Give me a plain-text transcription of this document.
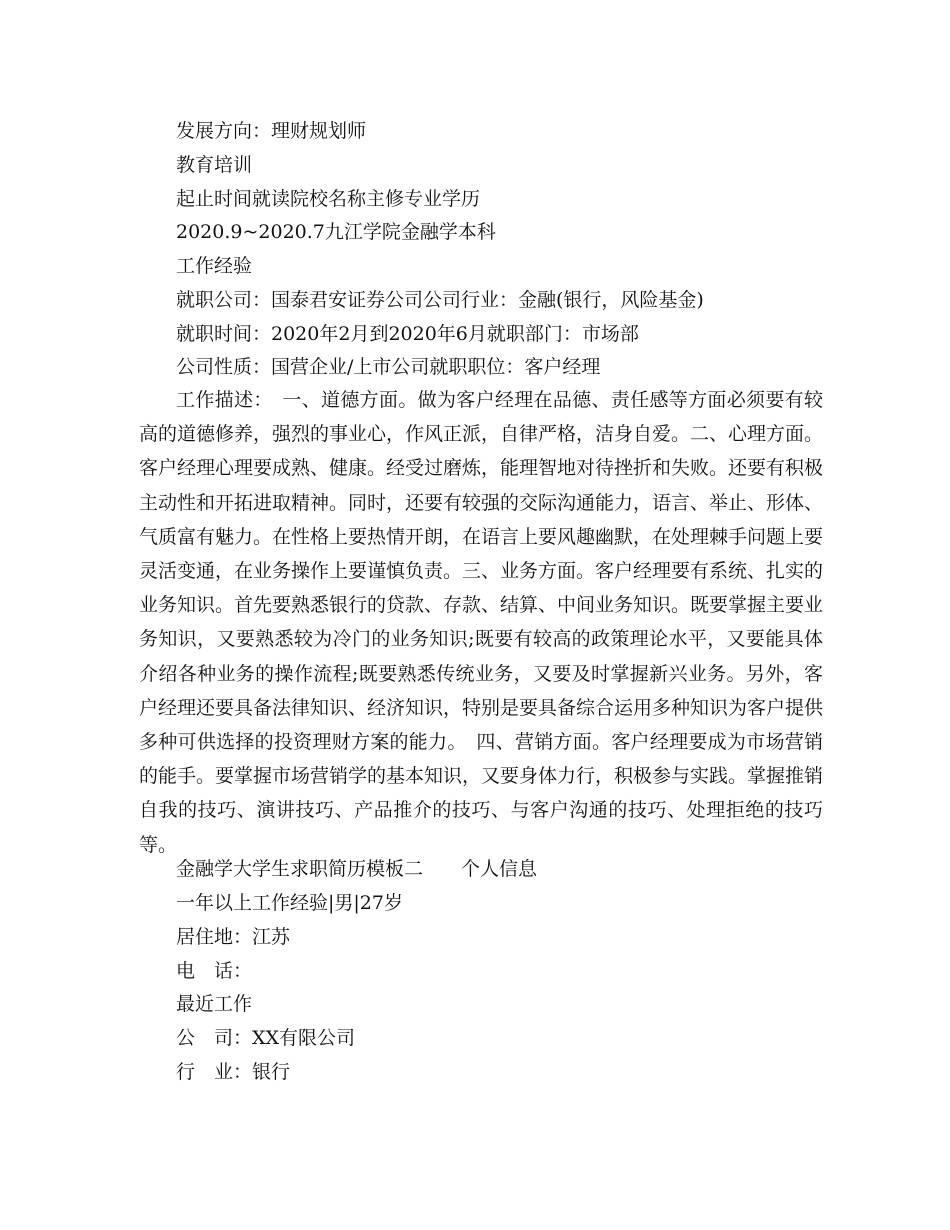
发展方向：理财规划师
教育培训
起止时间就读院校名称主修专业学历
2020.9~2020.7九江学院金融学本科
工作经验
就职公司：国泰君安证券公司公司行业：金融(银行，风险基金)
就职时间：2020年2月到2020年6月就职部门：市场部
公司性质：国营企业/上市公司就职职位：客户经理
工作描述：　一、道德方面。做为客户经理在品德、责任感等方面必须要有较高的道德修养，强烈的事业心，作风正派，自律严格，洁身自爱。二、心理方面。客户经理心理要成熟、健康。经受过磨炼，能理智地对待挫折和失败。还要有积极主动性和开拓进取精神。同时，还要有较强的交际沟通能力，语言、举止、形体、气质富有魅力。在性格上要热情开朗，在语言上要风趣幽默，在处理棘手问题上要灵活变通，在业务操作上要谨慎负责。三、业务方面。客户经理要有系统、扎实的业务知识。首先要熟悉银行的贷款、存款、结算、中间业务知识。既要掌握主要业务知识，又要熟悉较为冷门的业务知识;既要有较高的政策理论水平，又要能具体介绍各种业务的操作流程;既要熟悉传统业务，又要及时掌握新兴业务。另外，客户经理还要具备法律知识、经济知识，特别是要具备综合运用多种知识为客户提供多种可供选择的投资理财方案的能力。　四、营销方面。客户经理要成为市场营销的能手。要掌握市场营销学的基本知识，又要身体力行，积极参与实践。掌握推销自我的技巧、演讲技巧、产品推介的技巧、与客户沟通的技巧、处理拒绝的技巧等。
金融学大学生求职简历模板二　　个人信息
一年以上工作经验|男|27岁
居住地：江苏
电　话：
最近工作
公　司：XX有限公司
行　业：银行
